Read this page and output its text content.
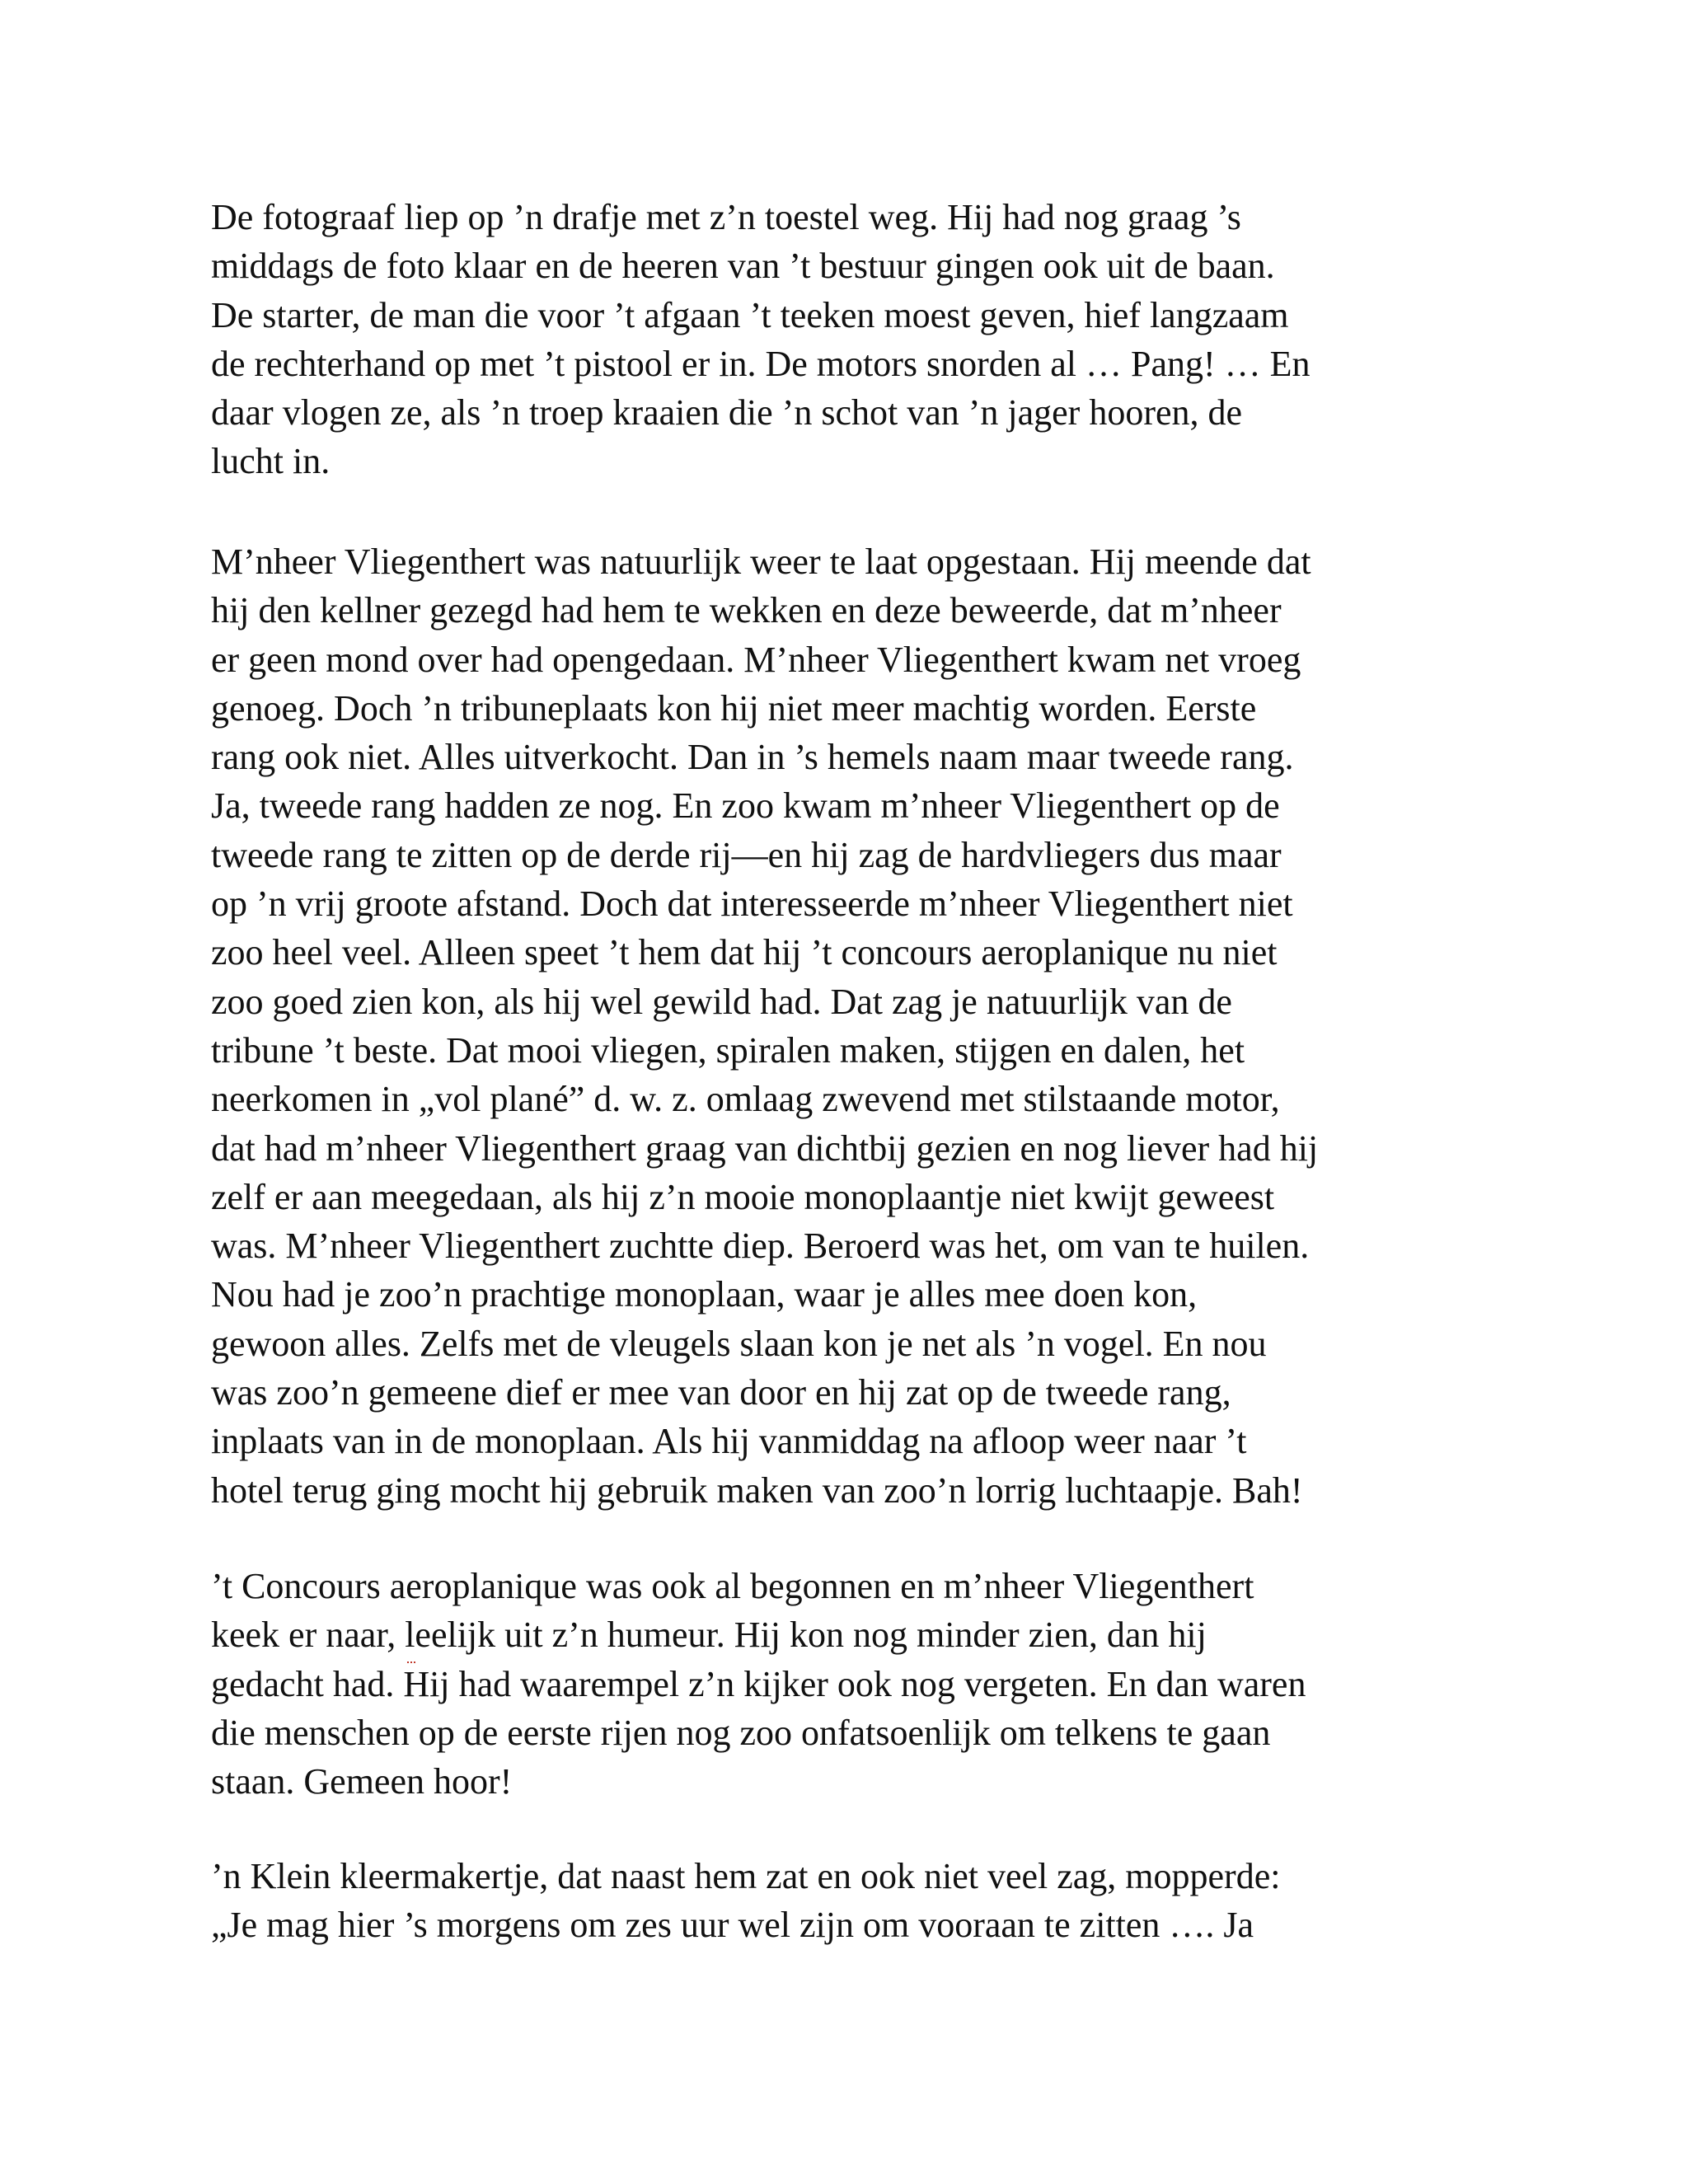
De fotograaf liep op ’n drafje met z’n toestel weg. Hij had nog graag ’s
middags de foto klaar en de heeren van ’t bestuur gingen ook uit de baan.
De starter, de man die voor ’t afgaan ’t teeken moest geven, hief langzaam
de rechterhand op met ’t pistool er in. De motors snorden al … Pang! … En
daar vlogen ze, als ’n troep kraaien die ’n schot van ’n jager hooren, de
lucht in.
M’nheer Vliegenthert was natuurlijk weer te laat opgestaan. Hij meende dat
hij den kellner gezegd had hem te wekken en deze beweerde, dat m’nheer
er geen mond over had opengedaan. M’nheer Vliegenthert kwam net vroeg
genoeg. Doch ’n tribuneplaats kon hij niet meer machtig worden. Eerste
rang ook niet. Alles uitverkocht. Dan in ’s hemels naam maar tweede rang.
Ja, tweede rang hadden ze nog. En zoo kwam m’nheer Vliegenthert op de
tweede rang te zitten op de derde rij—en hij zag de hardvliegers dus maar
op ’n vrij groote afstand. Doch dat interesseerde m’nheer Vliegenthert niet
zoo heel veel. Alleen speet ’t hem dat hij ’t concours aeroplanique nu niet
zoo goed zien kon, als hij wel gewild had. Dat zag je natuurlijk van de
tribune ’t beste. Dat mooi vliegen, spiralen maken, stijgen en dalen, het
neerkomen in „vol plané” d. w. z. omlaag zwevend met stilstaande motor,
dat had m’nheer Vliegenthert graag van dichtbij gezien en nog liever had hij
zelf er aan meegedaan, als hij z’n mooie monoplaantje niet kwijt geweest
was. M’nheer Vliegenthert zuchtte diep. Beroerd was het, om van te huilen.
Nou had je zoo’n prachtige monoplaan, waar je alles mee doen kon,
gewoon alles. Zelfs met de vleugels slaan kon je net als ’n vogel. En nou
was zoo’n gemeene dief er mee van door en hij zat op de tweede rang,
inplaats van in de monoplaan. Als hij vanmiddag na afloop weer naar ’t
hotel terug ging mocht hij gebruik maken van zoo’n lorrig luchtaapje. Bah!
’t Concours aeroplanique was ook al begonnen en m’nheer Vliegenthert
keek er naar, leelijk uit z’n humeur. Hij kon nog minder zien, dan hij
gedacht had. Hij had waarempel z’n kijker ook nog vergeten. En dan waren
die menschen op de eerste rijen nog zoo onfatsoenlijk om telkens te gaan
staan. Gemeen hoor!
’n Klein kleermakertje, dat naast hem zat en ook niet veel zag, mopperde:
„Je mag hier ’s morgens om zes uur wel zijn om vooraan te zitten …. Ja
